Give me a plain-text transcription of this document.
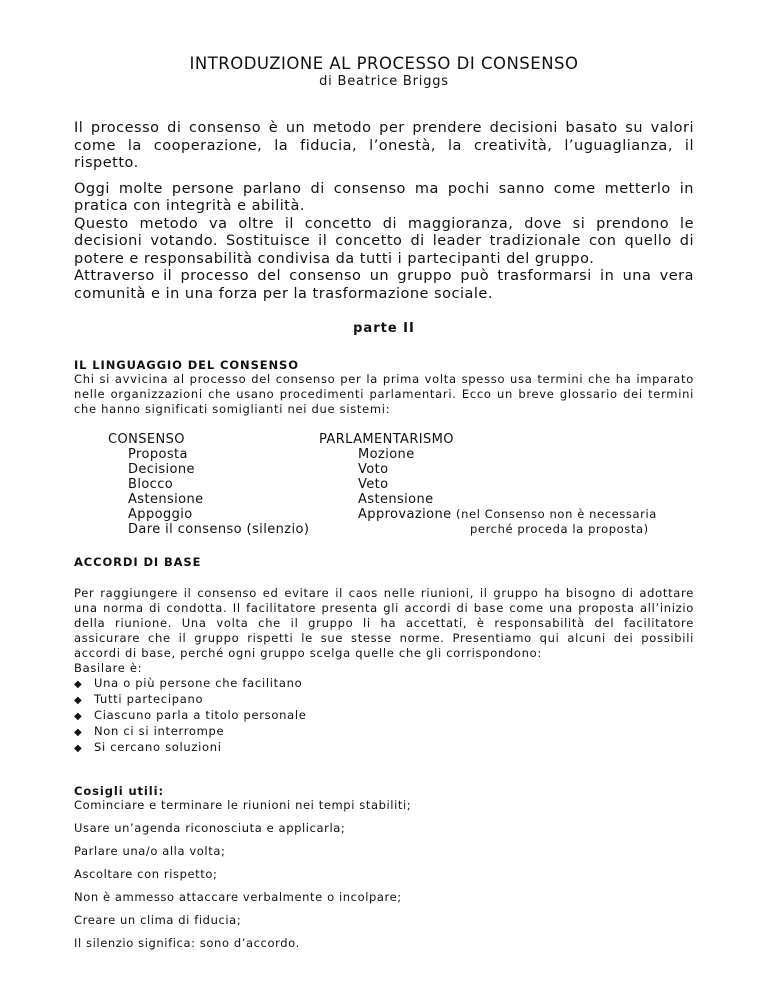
INTRODUZIONE AL PROCESSO DI CONSENSO
di Beatrice Briggs

Il processo di consenso è un metodo per prendere decisioni basato su valori come la cooperazione, la fiducia, l’onestà, la creatività, l’uguaglianza, il rispetto.

Oggi molte persone parlano di consenso ma pochi sanno come metterlo in pratica con integrità e abilità.

Questo metodo va oltre il concetto di maggioranza, dove si prendono le decisioni votando. Sostituisce il concetto di leader tradizionale con quello di potere e responsabilità condivisa da tutti i partecipanti del gruppo.

Attraverso il processo del consenso un gruppo può trasformarsi in una vera comunità e in una forza per la trasformazione sociale.

parte II

IL LINGUAGGIO DEL CONSENSO

Chi si avvicina al processo del consenso per la prima volta spesso usa termini che ha imparato nelle organizzazioni che usano procedimenti parlamentari. Ecco un breve glossario dei termini che hanno significati somiglianti nei due sistemi:

CONSENSO
Proposta
Decisione
Blocco
Astensione
Appoggio
Dare il consenso (silenzio)
PARLAMENTARISMO
Mozione
Voto
Veto
Astensione
Approvazione (nel Consenso non è necessaria
perché proceda la proposta)

ACCORDI DI BASE

Per raggiungere il consenso ed evitare il caos nelle riunioni, il gruppo ha bisogno di adottare una norma di condotta. Il facilitatore presenta gli accordi di base come una proposta all’inizio della riunione. Una volta che il gruppo li ha accettati, è responsabilità del facilitatore assicurare che il gruppo rispetti le sue stesse norme. Presentiamo qui alcuni dei possibili accordi di base, perché ogni gruppo scelga quelle che gli corrispondono:

Basilare è:

◆ Una o più persone che facilitano
◆ Tutti partecipano
◆ Ciascuno parla a titolo personale
◆ Non ci si interrompe
◆ Si cercano soluzioni

Cosigli utili:

Cominciare e terminare le riunioni nei tempi stabiliti;
Usare un’agenda riconosciuta e applicarla;
Parlare una/o alla volta;
Ascoltare con rispetto;
Non è ammesso attaccare verbalmente o incolpare;
Creare un clima di fiducia;
Il silenzio significa: sono d’accordo.
